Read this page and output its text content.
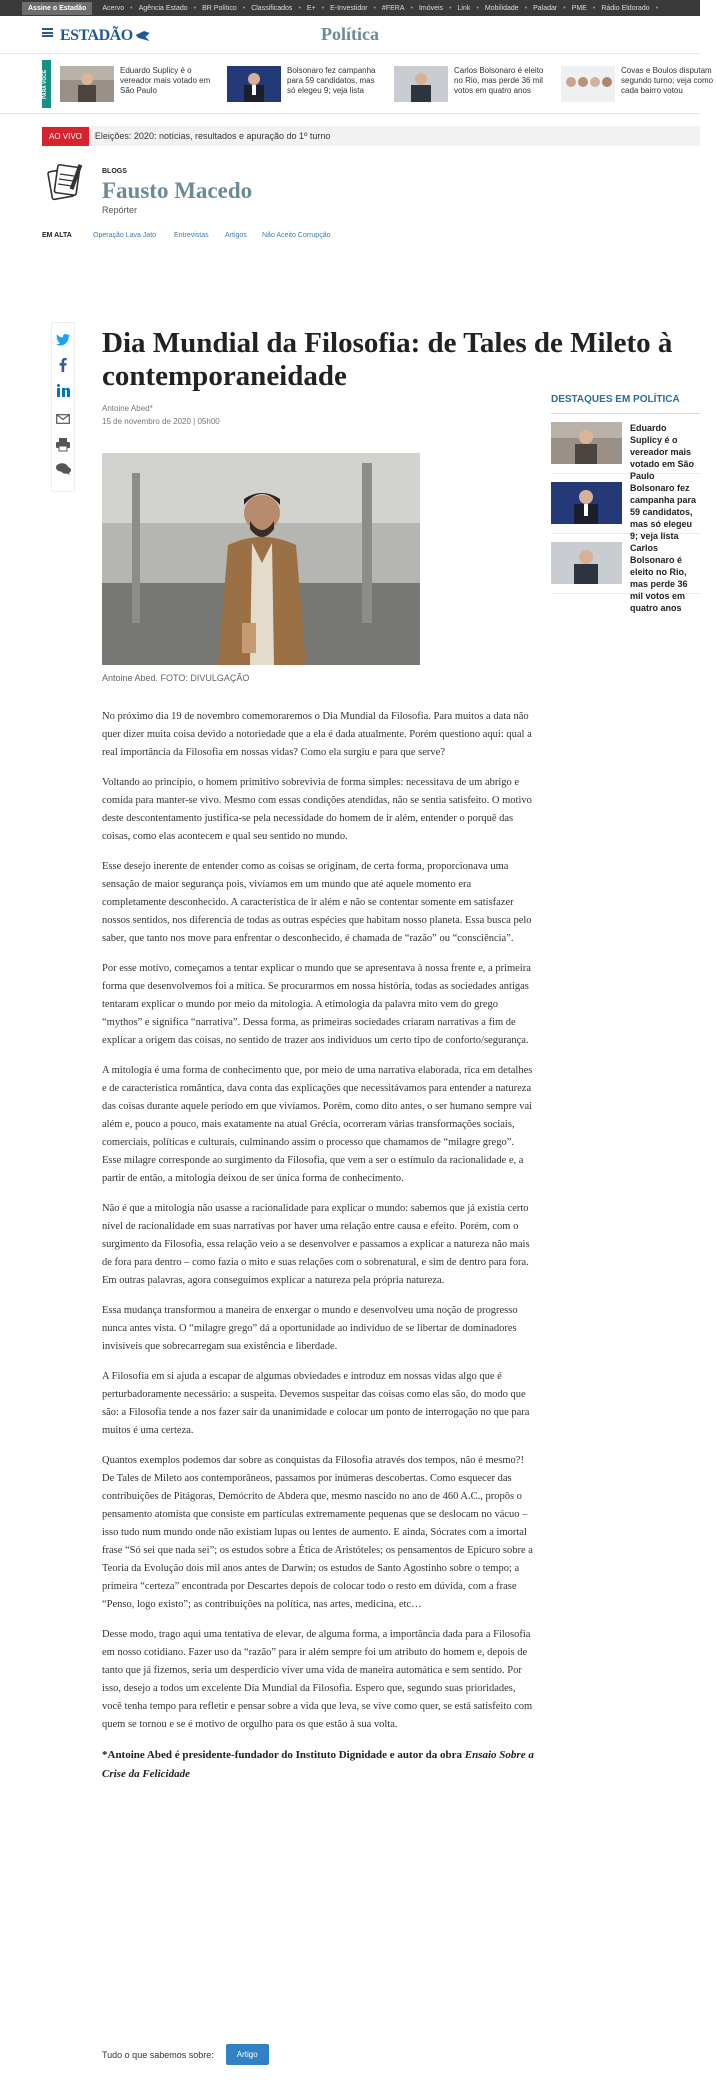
Assine o Estadão	Acervo •	Agência Estado •	BR Político •	Classificados •	E+ •	E-Investidor •	#FERA •	Imóveis •	Link •	Mobilidade •	Paladar •	PME •	Rádio Eldorado •
ESTADÃO	Política
PARA VOCÊ	Eduardo Suplicy é o vereador mais votado em São Paulo
Bolsonaro fez campanha para 59 candidatos, mas só elegeu 9; veja lista
Carlos Bolsonaro é eleito no Rio, mas perde 36 mil votos em quatro anos
Covas e Boulos disputam segundo turno; veja como cada bairro votou
AO VIVO	Eleições: 2020: notícias, resultados e apuração do 1º turno
BLOGS
Fausto Macedo
Repórter
EM ALTA	Operação Lava Jato	Entrevistas Artigos Não Aceito Corrupção
Dia Mundial da Filosofia: de Tales de Mileto à contemporaneidade
Antoine Abed*
15 de novembro de 2020 | 05h00
Antoine Abed. FOTO: DIVULGAÇÃO

No próximo dia 19 de novembro comemoraremos o Dia Mundial da Filosofia. Para muitos a data não quer dizer muita coisa devido a notoriedade que a ela é dada atualmente. Porém questiono aqui: qual a real importância da Filosofia em nossas vidas? Como ela surgiu e para que serve?

Voltando ao princípio, o homem primitivo sobrevivia de forma simples: necessitava de um abrigo e comida para manter-se vivo. Mesmo com essas condições atendidas, não se sentia satisfeito. O motivo deste descontentamento justifica-se pela necessidade do homem de ir além, entender o porquê das coisas, como elas acontecem e qual seu sentido no mundo.

Esse desejo inerente de entender como as coisas se originam, de certa forma, proporcionava uma sensação de maior segurança pois, vivíamos em um mundo que até aquele momento era completamente desconhecido. A característica de ir além e não se contentar somente em satisfazer nossos sentidos, nos diferencia de todas as outras espécies que habitam nosso planeta. Essa busca pelo saber, que tanto nos move para enfrentar o desconhecido, é chamada de “razão” ou “consciência”.

Por esse motivo, começamos a tentar explicar o mundo que se apresentava à nossa frente e, a primeira forma que desenvolvemos foi a mítica. Se procurarmos em nossa história, todas as sociedades antigas tentaram explicar o mundo por meio da mitologia. A etimologia da palavra mito vem do grego “mythos” e significa “narrativa”. Dessa forma, as primeiras sociedades criaram narrativas a fim de explicar a origem das coisas, no sentido de trazer aos indivíduos um certo tipo de conforto/segurança.

A mitologia é uma forma de conhecimento que, por meio de uma narrativa elaborada, rica em detalhes e de característica romântica, dava conta das explicações que necessitávamos para entender a natureza das coisas durante aquele período em que vivíamos. Porém, como dito antes, o ser humano sempre vai além e, pouco a pouco, mais exatamente na atual Grécia, ocorreram várias transformações sociais, comerciais, políticas e culturais, culminando assim o processo que chamamos de “milagre grego”. Esse milagre corresponde ao surgimento da Filosofia, que vem a ser o estímulo da racionalidade e, a partir de então, a mitologia deixou de ser única forma de conhecimento.

Não é que a mitologia não usasse a racionalidade para explicar o mundo: sabemos que já existia certo nível de racionalidade em suas narrativas por haver uma relação entre causa e efeito. Porém, com o surgimento da Filosofia, essa relação veio a se desenvolver e passamos a explicar a natureza não mais de fora para dentro – como fazia o mito e suas relações com o sobrenatural, e sim de dentro para fora. Em outras palavras, agora conseguimos explicar a natureza pela própria natureza.

Essa mudança transformou a maneira de enxergar o mundo e desenvolveu uma noção de progresso nunca antes vista. O “milagre grego” dá a oportunidade ao indivíduo de se libertar de dominadores invisíveis que sobrecarregam sua existência e liberdade.

A Filosofia em si ajuda a escapar de algumas obviedades e introduz em nossas vidas algo que é perturbadoramente necessário: a suspeita. Devemos suspeitar das coisas como elas são, do modo que são: a Filosofia tende a nos fazer sair da unanimidade e colocar um ponto de interrogação no que para muitos é uma certeza.

Quantos exemplos podemos dar sobre as conquistas da Filosofia através dos tempos, não é mesmo?! De Tales de Mileto aos contemporâneos, passamos por inúmeras descobertas. Como esquecer das contribuições de Pitágoras, Demócrito de Abdera que, mesmo nascido no ano de 460 A.C., propôs o pensamento atomista que consiste em partículas extremamente pequenas que se deslocam no vácuo – isso tudo num mundo onde não existiam lupas ou lentes de aumento. E ainda, Sócrates com a imortal frase “Só sei que nada sei”; os estudos sobre a Ética de Aristóteles; os pensamentos de Epicuro sobre a Teoria da Evolução dois mil anos antes de Darwin; os estudos de Santo Agostinho sobre o tempo; a primeira “certeza” encontrada por Descartes depois de colocar todo o resto em dúvida, com a frase “Penso, logo existo”; as contribuições na política, nas artes, medicina, etc…

Desse modo, trago aqui uma tentativa de elevar, de alguma forma, a importância dada para a Filosofia em nosso cotidiano. Fazer uso da “razão” para ir além sempre foi um atributo do homem e, depois de tanto que já fizemos, seria um desperdício viver uma vida de maneira automática e sem sentido. Por isso, desejo a todos um excelente Dia Mundial da Filosofia. Espero que, segundo suas prioridades, você tenha tempo para refletir e pensar sobre a vida que leva, se vive como quer, se está satisfeito com quem se tornou e se é motivo de orgulho para os que estão à sua volta.

*Antoine Abed é presidente-fundador do Instituto Dignidade e autor da obra Ensaio Sobre a Crise da Felicidade
Tudo o que sabemos sobre:	Artigo
DESTAQUES EM POLÍTICA
Eduardo Suplicy é o vereador mais votado em São Paulo
Bolsonaro fez campanha para 59 candidatos, mas só elegeu 9; veja lista
Carlos Bolsonaro é eleito no Rio, mas perde 36 mil votos em quatro anos
